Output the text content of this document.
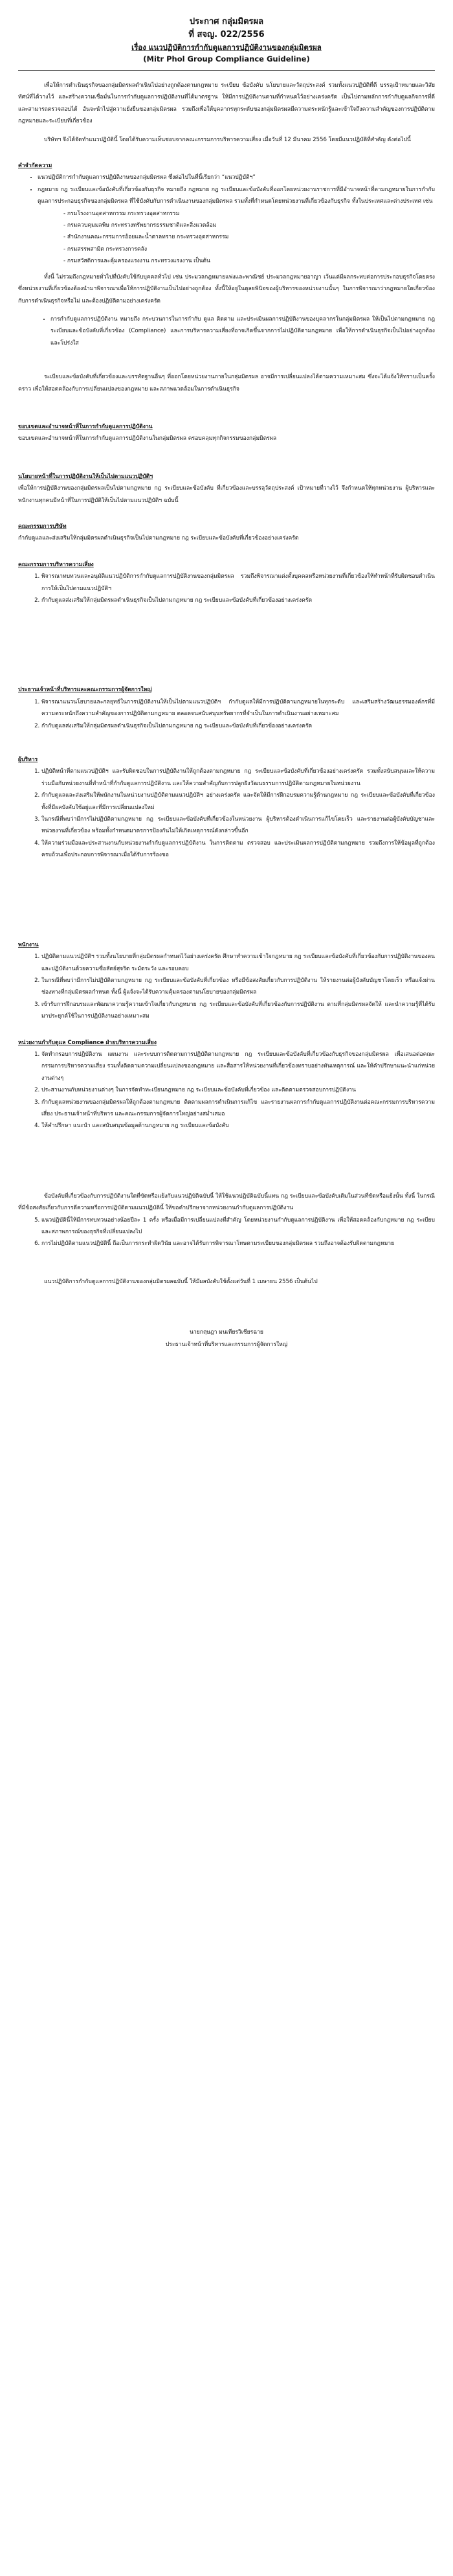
ประกาศ กลุ่มมิตรผล
ที่ สจญ. 022/2556
เรื่อง แนวปฏิบัติการกำกับดูแลการปฏิบัติงานของกลุ่มมิตรผล
(Mitr Phol Group Compliance Guideline)

เพื่อให้การดำเนินธุรกิจของกลุ่มมิตรผลดำเนินไปอย่างถูกต้องตามกฎหมาย ระเบียบ ข้อบังคับ นโยบายและวัตถุประสงค์ รวมทั้งแนวปฏิบัติที่ดี บรรลุเป้าหมายและวิสัยทัศน์ที่ได้วางไว้ และสร้างความเชื่อมั่นในการกำกับดูแลการปฏิบัติงานที่ได้มาตรฐาน ให้มีการปฏิบัติงานตามที่กำหนดไว้อย่างเคร่งครัด เป็นไปตามหลักการกำกับดูแลกิจการที่ดี และสามารถตรวจสอบได้ อันจะนำไปสู่ความยั่งยืนของกลุ่มมิตรผล รวมถึงเพื่อให้บุคลากรทุกระดับของกลุ่มมิตรผลมีความตระหนักรู้และเข้าใจถึงความสำคัญของการปฏิบัติตามกฎหมายและระเบียบที่เกี่ยวข้อง

บริษัทฯ จึงได้จัดทำแนวปฏิบัตินี้ โดยได้รับความเห็นชอบจากคณะกรรมการบริหารความเสี่ยง เมื่อวันที่ 12 มีนาคม 2556 โดยมีแนวปฏิบัติที่สำคัญ ดังต่อไปนี้

คำจำกัดความ
• แนวปฏิบัติการกำกับดูแลการปฏิบัติงานของกลุ่มมิตรผล ซึ่งต่อไปในที่นี้เรียกว่า “แนวปฏิบัติฯ”
• กฎหมาย กฎ ระเบียบและข้อบังคับที่เกี่ยวข้องกับธุรกิจ หมายถึง กฎหมาย กฎ ระเบียบและข้อบังคับที่ออกโดยหน่วยงานราชการที่มีอำนาจหน้าที่ตามกฎหมายในการกำกับดูแลการประกอบธุรกิจของกลุ่มมิตรผล ที่ใช้บังคับกับการดำเนินงานของกลุ่มมิตรผล รวมทั้งที่กำหนดโดยหน่วยงานที่เกี่ยวข้องกับธุรกิจ ทั้งในประเทศและต่างประเทศ เช่น
- กรมโรงงานอุตสาหกรรม กระทรวงอุตสาหกรรม
- กรมควบคุมมลพิษ กระทรวงทรัพยากรธรรมชาติและสิ่งแวดล้อม
- สำนักงานคณะกรรมการอ้อยและน้ำตาลทราย กระทรวงอุตสาหกรรม
- กรมสรรพสามิต กระทรวงการคลัง
- กรมสวัสดิการและคุ้มครองแรงงาน กระทรวงแรงงาน เป็นต้น

ทั้งนี้ ไม่รวมถึงกฎหมายทั่วไปที่บังคับใช้กับบุคคลทั่วไป เช่น ประมวลกฎหมายแพ่งและพาณิชย์ ประมวลกฎหมายอาญา เว้นแต่มีผลกระทบต่อการประกอบธุรกิจโดยตรง ซึ่งหน่วยงานที่เกี่ยวข้องต้องนำมาพิจารณาเพื่อให้การปฏิบัติงานเป็นไปอย่างถูกต้อง ทั้งนี้ให้อยู่ในดุลยพินิจของผู้บริหารของหน่วยงานนั้นๆ ในการพิจารณาว่ากฎหมายใดเกี่ยวข้องกับการดำเนินธุรกิจหรือไม่ และต้องปฏิบัติตามอย่างเคร่งครัด

• การกำกับดูแลการปฏิบัติงาน หมายถึง กระบวนการในการกำกับ ดูแล ติดตาม และประเมินผลการปฏิบัติงานของบุคลากรในกลุ่มมิตรผล ให้เป็นไปตามกฎหมาย กฎ ระเบียบและข้อบังคับที่เกี่ยวข้อง (Compliance) และการบริหารความเสี่ยงที่อาจเกิดขึ้นจากการไม่ปฏิบัติตามกฎหมาย เพื่อให้การดำเนินธุรกิจเป็นไปอย่างถูกต้องและโปร่งใส

ระเบียบและข้อบังคับที่เกี่ยวข้องและบรรทัดฐานอื่นๆ ที่ออกโดยหน่วยงานภายในกลุ่มมิตรผล อาจมีการเปลี่ยนแปลงได้ตามความเหมาะสม ซึ่งจะได้แจ้งให้ทราบเป็นครั้งคราว เพื่อให้สอดคล้องกับการเปลี่ยนแปลงของกฎหมาย และสภาพแวดล้อมในการดำเนินธุรกิจ

ขอบเขตและอำนาจหน้าที่ในการกำกับดูแลการปฏิบัติงาน

ขอบเขตและอำนาจหน้าที่ในการกำกับดูแลการปฏิบัติงานในกลุ่มมิตรผล ครอบคลุมทุกกิจกรรมของกลุ่มมิตรผล

นโยบายหน้าที่ในการปฏิบัติงานให้เป็นไปตามแนวปฏิบัติฯ

เพื่อให้การปฏิบัติงานของกลุ่มมิตรผลเป็นไปตามกฎหมาย กฎ ระเบียบและข้อบังคับ ที่เกี่ยวข้องและบรรลุวัตถุประสงค์ เป้าหมายที่วางไว้ จึงกำหนดให้ทุกหน่วยงาน ผู้บริหารและพนักงานทุกคนมีหน้าที่ในการปฏิบัติให้เป็นไปตามแนวปฏิบัติฯ ฉบับนี้

คณะกรรมการบริษัท

กำกับดูแลและส่งเสริมให้กลุ่มมิตรผลดำเนินธุรกิจเป็นไปตามกฎหมาย กฎ ระเบียบและข้อบังคับที่เกี่ยวข้องอย่างเคร่งครัด

คณะกรรมการบริหารความเสี่ยง
1. พิจารณาทบทวนและอนุมัติแนวปฏิบัติการกำกับดูแลการปฏิบัติงานของกลุ่มมิตรผล รวมถึงพิจารณาแต่งตั้งบุคคลหรือหน่วยงานที่เกี่ยวข้องให้ทำหน้าที่รับผิดชอบดำเนินการให้เป็นไปตามแนวปฏิบัติฯ
2. กำกับดูแลส่งเสริมให้กลุ่มมิตรผลดำเนินธุรกิจเป็นไปตามกฎหมาย กฎ ระเบียบและข้อบังคับที่เกี่ยวข้องอย่างเคร่งครัด
ประธานเจ้าหน้าที่บริหารและคณะกรรมการผู้จัดการใหญ่
1. พิจารณาแนวนโยบายและกลยุทธ์ในการปฏิบัติงานให้เป็นไปตามแนวปฏิบัติฯ กำกับดูแลให้มีการปฏิบัติตามกฎหมายในทุกระดับ และเสริมสร้างวัฒนธรรมองค์กรที่มีความตระหนักถึงความสำคัญของการปฏิบัติตามกฎหมาย ตลอดจนสนับสนุนทรัพยากรที่จำเป็นในการดำเนินงานอย่างเหมาะสม
2. กำกับดูแลส่งเสริมให้กลุ่มมิตรผลดำเนินธุรกิจเป็นไปตามกฎหมาย กฎ ระเบียบและข้อบังคับที่เกี่ยวข้องอย่างเคร่งครัด
ผู้บริหาร
1. ปฏิบัติหน้าที่ตามแนวปฏิบัติฯ และรับผิดชอบในการปฏิบัติงานให้ถูกต้องตามกฎหมาย กฎ ระเบียบและข้อบังคับที่เกี่ยวข้องอย่างเคร่งครัด รวมทั้งสนับสนุนและให้ความร่วมมือกับหน่วยงานที่ทำหน้าที่กำกับดูแลการปฏิบัติงาน และให้ความสำคัญกับการปลูกฝังวัฒนธรรมการปฏิบัติตามกฎหมายในหน่วยงาน
2. กำกับดูแลและส่งเสริมให้พนักงานในหน่วยงานปฏิบัติตามแนวปฏิบัติฯ อย่างเคร่งครัด และจัดให้มีการฝึกอบรมความรู้ด้านกฎหมาย กฎ ระเบียบและข้อบังคับที่เกี่ยวข้อง ทั้งที่มีผลบังคับใช้อยู่และที่มีการเปลี่ยนแปลงใหม่
3. ในกรณีที่พบว่ามีการไม่ปฏิบัติตามกฎหมาย กฎ ระเบียบและข้อบังคับที่เกี่ยวข้องในหน่วยงาน ผู้บริหารต้องดำเนินการแก้ไขโดยเร็ว และรายงานต่อผู้บังคับบัญชาและหน่วยงานที่เกี่ยวข้อง พร้อมทั้งกำหนดมาตรการป้องกันไม่ให้เกิดเหตุการณ์ดังกล่าวขึ้นอีก
4. ให้ความร่วมมือและประสานงานกับหน่วยงานกำกับดูแลการปฏิบัติงาน ในการติดตาม ตรวจสอบ และประเมินผลการปฏิบัติตามกฎหมาย รวมถึงการให้ข้อมูลที่ถูกต้องครบถ้วนเพื่อประกอบการพิจารณาเมื่อได้รับการร้องขอ
พนักงาน
1. ปฏิบัติตามแนวปฏิบัติฯ รวมทั้งนโยบายที่กลุ่มมิตรผลกำหนดไว้อย่างเคร่งครัด ศึกษาทำความเข้าใจกฎหมาย กฎ ระเบียบและข้อบังคับที่เกี่ยวข้องกับการปฏิบัติงานของตน และปฏิบัติงานด้วยความซื่อสัตย์สุจริต ระมัดระวัง และรอบคอบ
2. ในกรณีที่พบว่ามีการไม่ปฏิบัติตามกฎหมาย กฎ ระเบียบและข้อบังคับที่เกี่ยวข้อง หรือมีข้อสงสัยเกี่ยวกับการปฏิบัติงาน ให้รายงานต่อผู้บังคับบัญชาโดยเร็ว หรือแจ้งผ่านช่องทางที่กลุ่มมิตรผลกำหนด ทั้งนี้ ผู้แจ้งจะได้รับความคุ้มครองตามนโยบายของกลุ่มมิตรผล
3. เข้ารับการฝึกอบรมและพัฒนาความรู้ความเข้าใจเกี่ยวกับกฎหมาย กฎ ระเบียบและข้อบังคับที่เกี่ยวข้องกับการปฏิบัติงาน ตามที่กลุ่มมิตรผลจัดให้ และนำความรู้ที่ได้รับมาประยุกต์ใช้ในการปฏิบัติงานอย่างเหมาะสม
หน่วยงานกำกับดูแล Compliance ฝ่ายบริหารความเสี่ยง
1. จัดทำกรอบการปฏิบัติงาน แผนงาน และระบบการติดตามการปฏิบัติตามกฎหมาย กฎ ระเบียบและข้อบังคับที่เกี่ยวข้องกับธุรกิจของกลุ่มมิตรผล เพื่อเสนอต่อคณะกรรมการบริหารความเสี่ยง รวมทั้งติดตามความเปลี่ยนแปลงของกฎหมาย และสื่อสารให้หน่วยงานที่เกี่ยวข้องทราบอย่างทันเหตุการณ์ และให้คำปรึกษาแนะนำแก่หน่วยงานต่างๆ
2. ประสานงานกับหน่วยงานต่างๆ ในการจัดทำทะเบียนกฎหมาย กฎ ระเบียบและข้อบังคับที่เกี่ยวข้อง และติดตามตรวจสอบการปฏิบัติงาน
3. กำกับดูแลหน่วยงานของกลุ่มมิตรผลให้ถูกต้องตามกฎหมาย ติดตามผลการดำเนินการแก้ไข และรายงานผลการกำกับดูแลการปฏิบัติงานต่อคณะกรรมการบริหารความเสี่ยง ประธานเจ้าหน้าที่บริหาร และคณะกรรมการผู้จัดการใหญ่อย่างสม่ำเสมอ
4. ให้คำปรึกษา แนะนำ และสนับสนุนข้อมูลด้านกฎหมาย กฎ ระเบียบและข้อบังคับ

ข้อบังคับที่เกี่ยวข้องกับการปฏิบัติงานใดที่ขัดหรือแย้งกับแนวปฏิบัติฉบับนี้ ให้ใช้แนวปฏิบัติฉบับนี้แทน กฎ ระเบียบและข้อบังคับเดิมในส่วนที่ขัดหรือแย้งนั้น ทั้งนี้ ในกรณีที่มีข้อสงสัยเกี่ยวกับการตีความหรือการปฏิบัติตามแนวปฏิบัตินี้ ให้ขอคำปรึกษาจากหน่วยงานกำกับดูแลการปฏิบัติงาน

5. แนวปฏิบัตินี้ให้มีการทบทวนอย่างน้อยปีละ 1 ครั้ง หรือเมื่อมีการเปลี่ยนแปลงที่สำคัญ โดยหน่วยงานกำกับดูแลการปฏิบัติงาน เพื่อให้สอดคล้องกับกฎหมาย กฎ ระเบียบ และสภาพการณ์ของธุรกิจที่เปลี่ยนแปลงไป
6. การไม่ปฏิบัติตามแนวปฏิบัตินี้ ถือเป็นการกระทำผิดวินัย และอาจได้รับการพิจารณาโทษตามระเบียบของกลุ่มมิตรผล รวมถึงอาจต้องรับผิดตามกฎหมาย

แนวปฏิบัติการกำกับดูแลการปฏิบัติงานของกลุ่มมิตรผลฉบับนี้ ให้มีผลบังคับใช้ตั้งแต่วันที่ 1 เมษายน 2556 เป็นต้นไป

นายกฤษฎา มนเทียรวิเชียรฉาย
ประธานเจ้าหน้าที่บริหารและกรรมการผู้จัดการใหญ่
